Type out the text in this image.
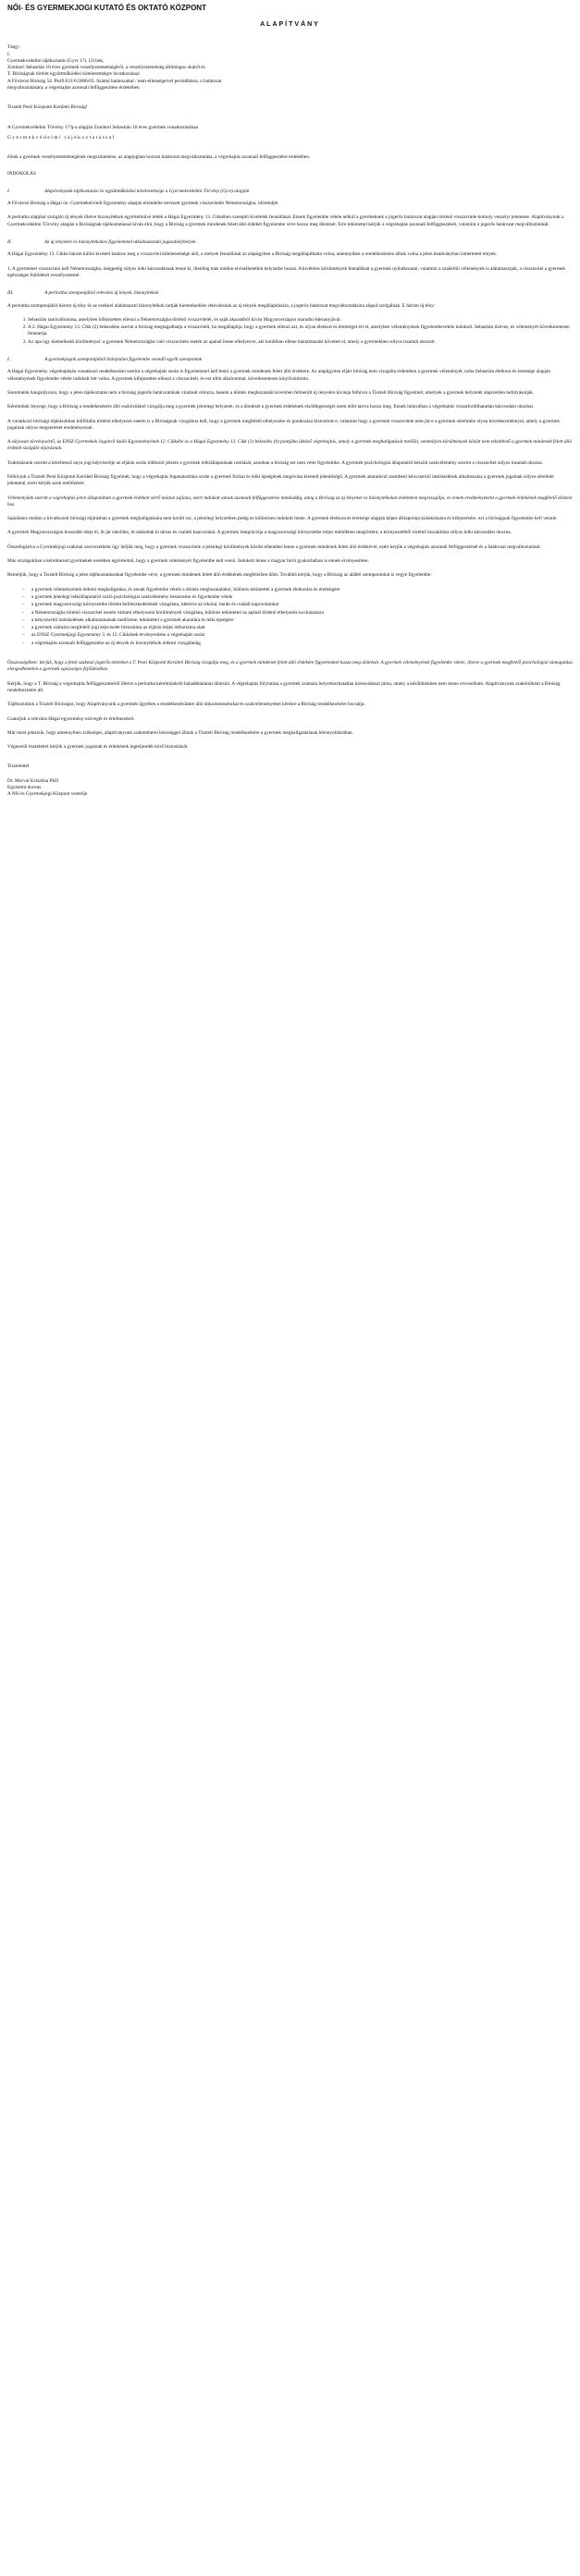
NŐI- ÉS GYERMEKJOGI KUTATÓ ÉS OKTATÓ KÖZPONT
ALAPÍTVÁNY

Tárgy:

I.

Gyermekvédelmi tájékoztatás (Gyvt 17). (3) bek,

Zombori Sebastián 10 éves gyermek veszélyeztetettségéről, a veszélyeztetettség állítólagos okáról és

T. Bíróságnak történt együttműködési kötelezettségre hivatkozással

A Fővárosi Bíróság 54. Pk49.631/6/2006/03. Számú határozattal / nem-ellenségeivel perindításra, a határozat

megváltoztatására, a végrehajtás azonnali felfüggesztése érdekében

Tisztelt Pesti Központi Kerületi Bíróság!

A Gyermekvédelmi Törvény 17/§-a alapján Zombori Sebastián 10 éves gyermek vonatkozásában

Gyermekvédelmi tájékoztatással

élünk a gyermek veszélyeztetettségének megszüntetése, az alapjogban horzott határozat megváltoztatása, a végrehajtás azonnali felfüggesztése érdekében.

INDOKOLÁS

I.	Alapítványunk tájékoztatási és együttműködési kötelezettsége a Gyermekvédelmi Törvény (Gyvt) alapján

A Fővárosi Bíróság a Hágai ún. Gyermekelviteli Egyezmény alapján elrendelte nevezett gyermek visszavitelét Németországba, időrendjét.

A periratba alapjául szolgáló új tények illetve bizonyítékok egyértelművé tették a Hágai Egyezmény 13. Cikkében szereplő kivételek fennállását. Ennek figyelembe vétele nélkül a gyermeknek a jogerős határozat alapján történő visszavitele komoly veszélyt jelentene. Alapítványunk a Gyermekvédelmi Törvény alapján a Bíróságnak tájékoztatással kíván élni, hogy a Bíróság a gyermek mindenek felett álló érdekét figyelembe véve hozza meg döntését. Erre tekintettel kérjük a végrehajtás azonnali felfüggesztését, valamint a jogerős határozat megváltoztatását.

II.	Az új tényekre és bizonyítékokra figyelemmel alkalmazandó jogszabályhelyek

A Hágai Egyezmény 13. Cikke három külön kivételt határoz meg a visszavitel kötelezettsége alól, a melyek fennállását az alapügyben a Bíróság megállapíthatta volna, amennyiben a rendelkezésére álltak volna a jelen beadványban ismertetett tények.

1, A gyermeket visszavinni kell Németországba, mégpedig súlyos lelki károsodásnak tenné ki, illetőleg más módon elviselhetetlen helyzetbe hozná. A kivételes körülmények fennállását a gyermek nyilatkozatai, valamint a szakértői vélemények is alátámasztják, a visszavitel a gyermek egészséges fejlődését veszélyeztetné.

III.	A periratba szemponjából releváns új tények, bizonyítékok

A periratba szemponjából három új tény és az ezekkel alátámasztó bizonyítékok tartják kiemelkedően relevánsnak az új tények megállapítására, a jogerős határozat megváltoztatására alapul szolgálnak. E három új tény:

1. Sebastián tanúvallomása, amelyben kifejezetten ellenzi a Németországba történő visszavitelét, és saját akaratából kíván Magyarországon maradni édesanyjával.
2. A 2. Hágai Egyezmény 13. Cikk (2) bekezdése szerint a bíróság megtagadhatja a visszavitelt, ha megállapítja, hogy a gyermek ellenzi azt, és olyan életkort és érettséget ért el, amelyben véleményének figyelembevétele indokolt. Sebastián tízéves, és véleményét következetesen fenntartja.
3. Az apa ügy kiemelkedő körülményei: a gyermek Németországba való visszavitele esetén az apánál lenne elhelyezve, aki korábban ellene bántalmazást követett el, amely a gyermekben súlyos traumát okozott.
I.	A gyermekjogok szempontjából hiánytalan figyelembe veendő egyéb szempontok

A Hágai Egyezmény végrehajtásán vonatkozó rendelkezései szerint a végrehajtás során is figyelemmel kell lenni a gyermek mindenek felett álló érdekére. Az alapügyben eljárt bíróság nem vizsgálta érdemben a gyermek véleményét, noha Sebastián életkora és érettsége alapján véleményének figyelembe vétele indokolt lett volna. A gyermek kifejezetten ellenzi a visszavitelt, és ezt több alkalommal, következetesen kinyilvánította.

Szeretnénk hangsúlyozni, hogy a jelen tájékoztatás nem a bíróság jogerős határozatának vitatását célozza, hanem a döntés meghozatalát követően felmerült új tényekre kívánja felhívni a Tisztelt Bíróság figyelmét, amelyek a gyermek helyzetét alapvetően befolyásolják.

Kérelmünk lényege, hogy a Bíróság a rendelkezésére álló eszközökkel vizsgálja meg a gyermek jelenlegi helyzetét, és a döntését a gyermek érdekének elsődlegességét szem előtt tartva hozza meg. Ennek hiányában a végrehajtás visszafordíthatatlan károsodást okozhat.

A vonatkozó bírósági eljárásokban külföldön történő elhelyezés esetén is a Bíróságnak vizsgálnia kell, hogy a gyermek megfelelő elhelyezése és gondozása biztosított-e, valamint hogy a gyermek visszavitele nem jár-e a gyermek sérelmére olyan következménnyel, amely a gyermek jogainak súlyos megsértését eredményezné.

A súlyosan törvénysértő, az ENSZ Gyermekek Jogairól Szóló Egyezményének 12. Cikkébe és a Hágai Egyezmény 13. Cikk (1) bekezdés (b) pontjába ütköző végrehajtás, amely a gyermek meghallgatását mellőzi, semmilyen körülmények között nem tekinthető a gyermek mindenek felett álló érdekét szolgáló eljárásnak.

Tudomásunk szerint a kérelmező anya jogi képviselője az eljárás során többször jelezte a gyermek lelkiállapotának romlását, azonban a bíróság ezt nem vette figyelembe. A gyermek pszichológiai állapotáról készült szakvélemény szerint a visszavitel súlyos traumát okozna.

Felhívjuk a Tisztelt Pesti Központi Kerületi Bíróság figyelmét, hogy a végrehajtás foganatosítása során a gyermek fizikai és lelki épségének megóvása kiemelt jelentőségű. A gyermek akaratával szembeni kényszerítő intézkedések alkalmazása a gyermek jogainak súlyos sérelmét jelentené, ezért kérjük azok mellőzését.

Véleményünk szerint a végrehajtás jelen állapotában a gyermek érdekeit sértő módon zajlana, ezért indokolt annak azonnali felfüggesztése mindaddig, amíg a Bíróság az új tényeket és bizonyítékokat érdemben megvizsgálja, és ennek eredményeként a gyermek érdekének megfelelő döntést hoz.

Sajnálatos módon a hivatkozott bírósági eljárásban a gyermek meghallgatására nem került sor, a jelenlegi helyzetben pedig ez különösen indokolt lenne. A gyermek életkora és érettsége alapján képes álláspontja kialakítására és kifejezésére, ezt a bíróságnak figyelembe kell vennie.

A gyermek Magyarországon hosszabb ideje él, itt jár iskolába, itt alakultak ki társas és családi kapcsolatai. A gyermek integrációja a magyarországi környezetbe teljes mértékben megtörtént, a környezetéből történő kiszakítása súlyos lelki károsodást okozna.

Összefoglalva a Gyermekjogi szakmai szervezetként úgy ítéljük meg, hogy a gyermek visszavitele a jelenlegi körülmények között ellentétes lenne a gyermek mindenek felett álló érdekével, ezért kérjük a végrehajtás azonnali felfüggesztését és a határozat megváltoztatását.

Más országokban a kérelmezett gyermekek esetében egyértelmű, hogy a gyermek véleményét figyelembe kell venni. Indokolt lenne a magyar bírói gyakorlatban is ennek érvényesítése.

Reméljük, hogy a Tisztelt Bíróság a jelen tájékoztatásunkat figyelembe véve, a gyermek mindenek felett álló érdekének megfelelően dönt. Továbbá kérjük, hogy a Bíróság az alábbi szempontokat is vegye figyelembe:

- a gyermek véleményének érdemi meghallgatása, és annak figyelembe vétele a döntés meghozatalakor, különös tekintettel a gyermek életkorára és érettségére
- a gyermek jelenlegi lelkiállapotáról szóló pszichológiai szakvélemény beszerzése és figyelembe vétele
- a gyermek magyarországi környezetbe történt beilleszkedésének vizsgálata, ideértve az iskolai, baráti és családi kapcsolatokat
- a Németországba történő visszavitel esetén várható elhelyezési körülmények vizsgálata, különös tekintettel az apánál történő elhelyezés kockázataira
- a kényszerítő intézkedések alkalmazásának mellőzése, tekintettel a gyermek akaratára és lelki épségére
- a gyermek számára megfelelő jogi képviselet biztosítása az eljárás teljes időtartama alatt
- az ENSZ Gyermekjogi Egyezmény 3. és 12. Cikkének érvényesítése a végrehajtás során
- a végrehajtás azonnali felfüggesztése az új tények és bizonyítékok érdemi vizsgálatáig

Összességében: kérjük, hogy a fenti szakmai jogerős tételeket a T. Pesti Központi Kerületi Bíróság vizsgálja meg, és a gyermek mindenek felett álló érdekére figyelemmel hozza meg döntését. A gyermek véleményének figyelembe vétele, illetve a gyermek megfelelő pszichológiai támogatása elengedhetetlen a gyermek egészséges fejlődéséhez.

Kérjük, hogy a T. Bíróság a végrehajtás felfüggesztéséről illetve a periratba kérelmünkről haladéktalanul döntsön. A végrehajtás folytatása a gyermek számára helyrehozhatatlan károsodással járna, amely a későbbiekben nem lenne orvosolható. Alapítványunk szakértőként a Bíróság rendelkezésére áll.

Tájékoztatjuk a Tisztelt Bíróságot, hogy Alapítványunk a gyermek ügyében a rendelkezésünkre álló dokumentumokat és szakvéleményeket kérésre a Bíróság rendelkezésére bocsátja.

Csatoljuk a releváns Hágai egyezmény-szövegét és értelmezését.

Már most jelezzük, hogy amennyiben szükséges, alapítványunk szakemberei készséggel állnak a Tisztelt Bíróság rendelkezésére a gyermek meghallgatásának lebonyolításában.

Végezetül tisztelettel kérjük a gyermek jogainak és érdekének legteljesebb körű biztosítását.

Tisztelettel

Dr. Morvai Krisztina PhD

Egyetemi docens

A Női és Gyermekjogi Központ vezetője
